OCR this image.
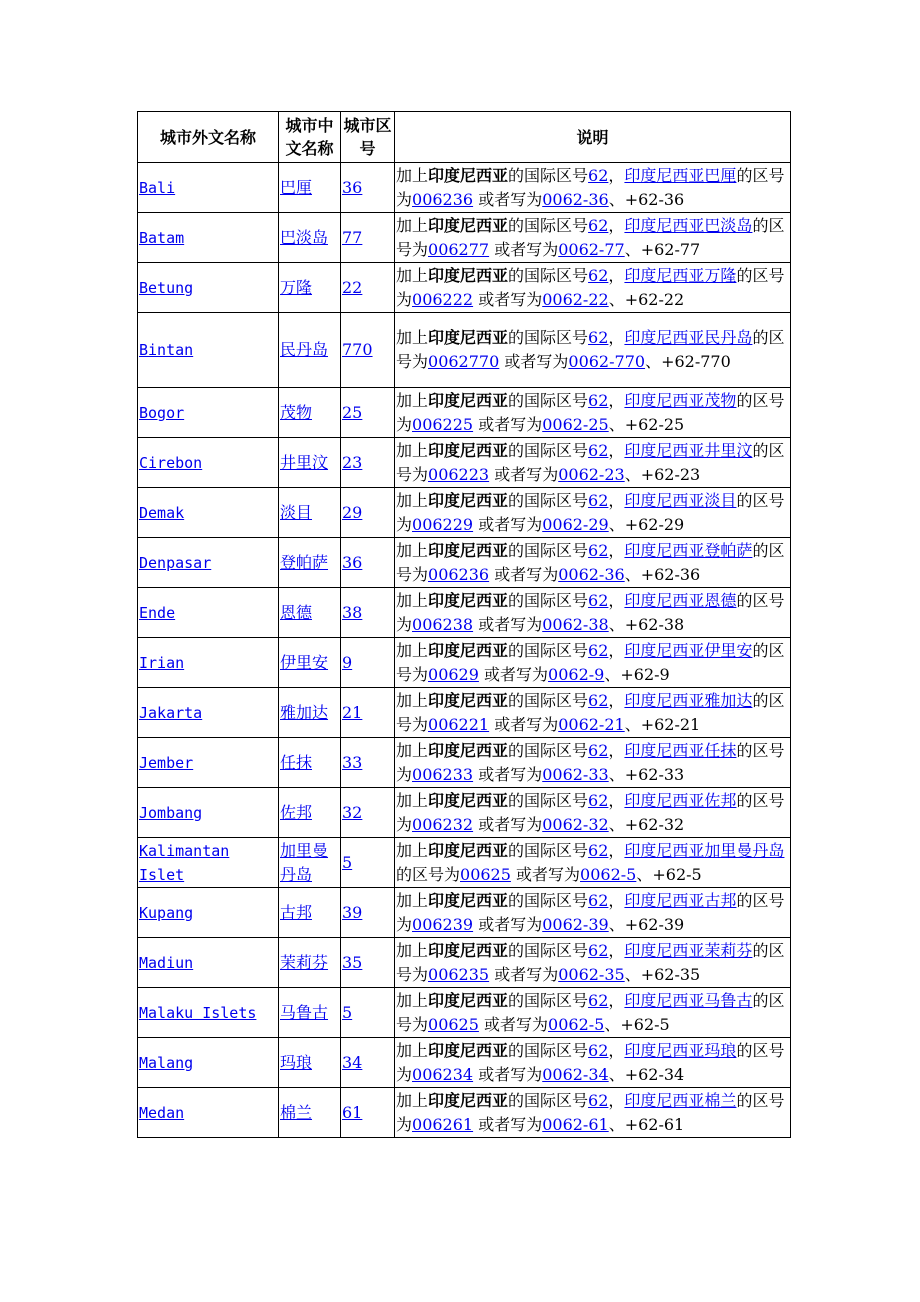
城市外文名称	城市中文名称	城市区号	说明
Bali	巴厘	36	加上印度尼西亚的国际区号62，印度尼西亚巴厘的区号为006236 或者写为0062-36、+62-36
Batam	巴淡岛	77	加上印度尼西亚的国际区号62，印度尼西亚巴淡岛的区号为006277 或者写为0062-77、+62-77
Betung	万隆	22	加上印度尼西亚的国际区号62，印度尼西亚万隆的区号为006222 或者写为0062-22、+62-22
Bintan	民丹岛	770	加上印度尼西亚的国际区号62，印度尼西亚民丹岛的区号为0062770 或者写为0062-770、+62-770
Bogor	茂物	25	加上印度尼西亚的国际区号62，印度尼西亚茂物的区号为006225 或者写为0062-25、+62-25
Cirebon	井里汶	23	加上印度尼西亚的国际区号62，印度尼西亚井里汶的区号为006223 或者写为0062-23、+62-23
Demak	淡目	29	加上印度尼西亚的国际区号62，印度尼西亚淡目的区号为006229 或者写为0062-29、+62-29
Denpasar	登帕萨	36	加上印度尼西亚的国际区号62，印度尼西亚登帕萨的区号为006236 或者写为0062-36、+62-36
Ende	恩德	38	加上印度尼西亚的国际区号62，印度尼西亚恩德的区号为006238 或者写为0062-38、+62-38
Irian	伊里安	9	加上印度尼西亚的国际区号62，印度尼西亚伊里安的区号为00629 或者写为0062-9、+62-9
Jakarta	雅加达	21	加上印度尼西亚的国际区号62，印度尼西亚雅加达的区号为006221 或者写为0062-21、+62-21
Jember	任抹	33	加上印度尼西亚的国际区号62，印度尼西亚任抹的区号为006233 或者写为0062-33、+62-33
Jombang	佐邦	32	加上印度尼西亚的国际区号62，印度尼西亚佐邦的区号为006232 或者写为0062-32、+62-32
Kalimantan Islet	加里曼丹岛	5	加上印度尼西亚的国际区号62，印度尼西亚加里曼丹岛的区号为00625 或者写为0062-5、+62-5
Kupang	古邦	39	加上印度尼西亚的国际区号62，印度尼西亚古邦的区号为006239 或者写为0062-39、+62-39
Madiun	茉莉芬	35	加上印度尼西亚的国际区号62，印度尼西亚茉莉芬的区号为006235 或者写为0062-35、+62-35
Malaku Islets	马鲁古	5	加上印度尼西亚的国际区号62，印度尼西亚马鲁古的区号为00625 或者写为0062-5、+62-5
Malang	玛琅	34	加上印度尼西亚的国际区号62，印度尼西亚玛琅的区号为006234 或者写为0062-34、+62-34
Medan	棉兰	61	加上印度尼西亚的国际区号62，印度尼西亚棉兰的区号为006261 或者写为0062-61、+62-61
